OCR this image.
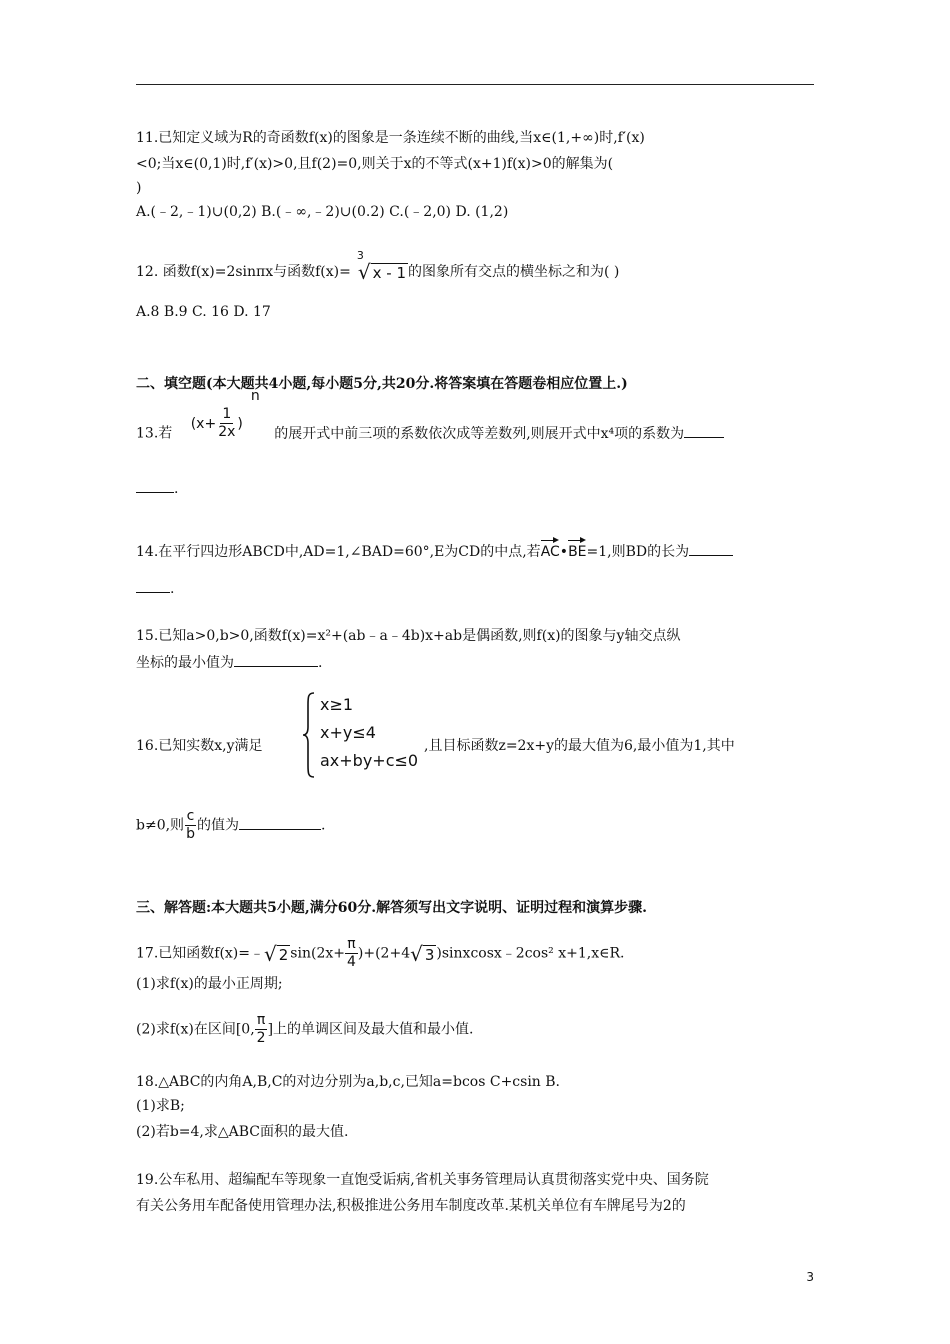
11.已知定义域为R的奇函数f(x)的图象是一条连续不断的曲线,当x∈(1,+∞)时,f′(x)
<0;当x∈(0,1)时,f′(x)>0,且f(2)=0,则关于x的不等式(x+1)f(x)>0的解集为(
)
A.(﹣2,﹣1)∪(0,2) B.(﹣∞,﹣2)∪(0.2) C.(﹣2,0) D. (1,2)
12. 函数f(x)=2sinπx与函数f(x)=
3
√ x - 1 的图象所有交点的横坐标之和为( )
A.8 B.9 C. 16 D. 17
二、填空题(本大题共4小题,每小题5分,共20分.将答案填在答题卷相应位置上.)
13.若 $(x+ \frac{1}{2x} )n$ 的展开式中前三项的系数依次成等差数列,则展开式中x⁴项的系数为
.
14.在平行四边形ABCD中,AD=1,∠BAD=60°,E为CD的中点,若AC•BE=1,则BD的长为
.
15.已知a>0,b>0,函数f(x)=x²+(ab﹣a﹣4b)x+ab是偶函数,则f(x)的图象与y轴交点纵
坐标的最小值为	.
16.已知实数x,y满足
x≥1
x+y≤4
ax+by+c≤0
,且目标函数z=2x+y的最大值为6,最小值为1,其中
b≠0,则 $\frac{c}{b}$ 的值为	.
三、解答题:本大题共5小题,满分60分.解答须写出文字说明、证明过程和演算步骤.
17.已知函数f(x)=﹣ √ 2 $\sin(2x+ \frac{\pi}{4} )+(2+4$ √ 3 )sinxcosx﹣2cos² x+1,x∈R.
(1)求f(x)的最小正周期;
(2)求f(x)在区间[0, $\frac{\pi}{2}$ ]上的单调区间及最大值和最小值.
18.△ABC的内角A,B,C的对边分别为a,b,c,已知a=bcos C+csin B.
(1)求B;
(2)若b=4,求△ABC面积的最大值.
19.公车私用、超编配车等现象一直饱受诟病,省机关事务管理局认真贯彻落实党中央、国务院
有关公务用车配备使用管理办法,积极推进公务用车制度改革.某机关单位有车牌尾号为2的
3
